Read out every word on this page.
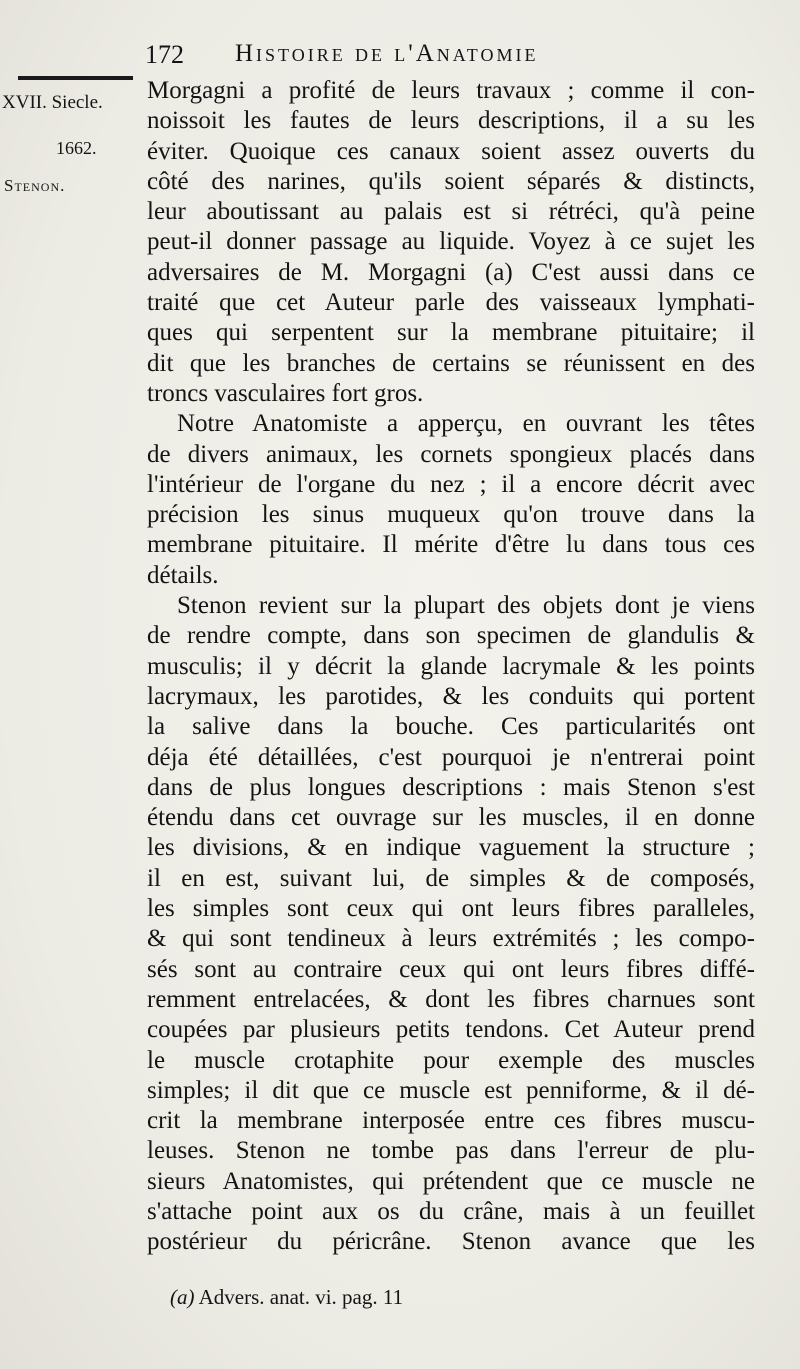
172 Histoire de l'Anatomie
XVII. Siecle.
1662.
Stenon.
Morgagni a profité de leurs travaux ; comme il con-
noissoit les fautes de leurs descriptions, il a su les
éviter. Quoique ces canaux soient assez ouverts du
côté des narines, qu'ils soient séparés & distincts,
leur aboutissant au palais est si rétréci, qu'à peine
peut-il donner passage au liquide. Voyez à ce sujet les
adversaires de M. Morgagni (a) C'est aussi dans ce
traité que cet Auteur parle des vaisseaux lymphati-
ques qui serpentent sur la membrane pituitaire; il
dit que les branches de certains se réunissent en des
troncs vasculaires fort gros.
Notre Anatomiste a apperçu, en ouvrant les têtes
de divers animaux, les cornets spongieux placés dans
l'intérieur de l'organe du nez ; il a encore décrit avec
précision les sinus muqueux qu'on trouve dans la
membrane pituitaire. Il mérite d'être lu dans tous ces
détails.
Stenon revient sur la plupart des objets dont je viens
de rendre compte, dans son specimen de glandulis &
musculis; il y décrit la glande lacrymale & les points
lacrymaux, les parotides, & les conduits qui portent
la salive dans la bouche. Ces particularités ont
déja été détaillées, c'est pourquoi je n'entrerai point
dans de plus longues descriptions : mais Stenon s'est
étendu dans cet ouvrage sur les muscles, il en donne
les divisions, & en indique vaguement la structure ;
il en est, suivant lui, de simples & de composés,
les simples sont ceux qui ont leurs fibres paralleles,
& qui sont tendineux à leurs extrémités ; les compo-
sés sont au contraire ceux qui ont leurs fibres diffé-
remment entrelacées, & dont les fibres charnues sont
coupées par plusieurs petits tendons. Cet Auteur prend
le muscle crotaphite pour exemple des muscles
simples; il dit que ce muscle est penniforme, & il dé-
crit la membrane interposée entre ces fibres muscu-
leuses. Stenon ne tombe pas dans l'erreur de plu-
sieurs Anatomistes, qui prétendent que ce muscle ne
s'attache point aux os du crâne, mais à un feuillet
postérieur du péricrâne. Stenon avance que les
(a) Advers. anat. vi. pag. 11
